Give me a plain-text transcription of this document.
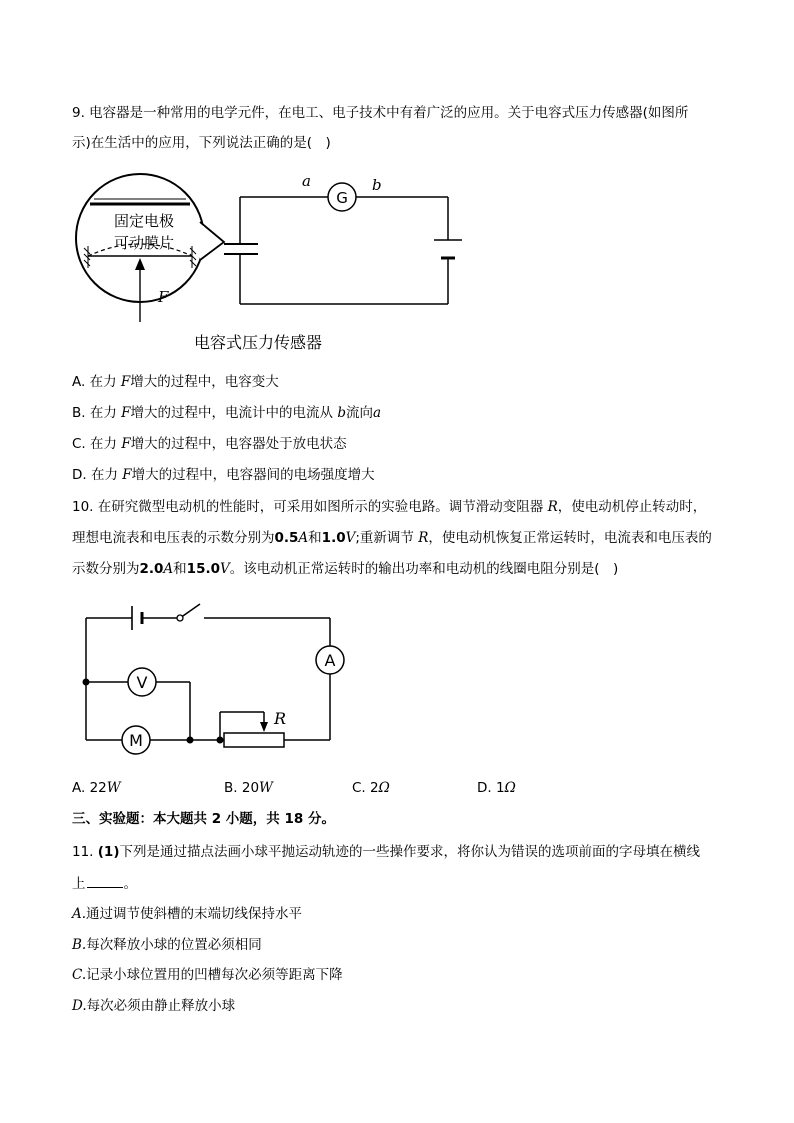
9. 电容器是一种常用的电学元件，在电工、电子技术中有着广泛的应用。关于电容式压力传感器(如图所
示)在生活中的应用，下列说法正确的是(　)
固定电极
可动膜片
F
G
a	b
电容式压力传感器
A. 在力 F增大的过程中，电容变大
B. 在力 F增大的过程中，电流计中的电流从 b流向a
C. 在力 F增大的过程中，电容器处于放电状态
D. 在力 F增大的过程中，电容器间的电场强度增大
10. 在研究微型电动机的性能时，可采用如图所示的实验电路。调节滑动变阻器 R，使电动机停止转动时，
理想电流表和电压表的示数分别为0.5A和1.0V;重新调节 R，使电动机恢复正常运转时，电流表和电压表的
示数分别为2.0A和15.0V。该电动机正常运转时的输出功率和电动机的线圈电阻分别是(　)
A
V
M
R
A. 22W	B. 20W	C. 2Ω	D. 1Ω
三、实验题：本大题共 2 小题，共 18 分。
11. (1)下列是通过描点法画小球平抛运动轨迹的一些操作要求，将你认为错误的选项前面的字母填在横线
上	。
A.通过调节使斜槽的末端切线保持水平
B.每次释放小球的位置必须相同
C.记录小球位置用的凹槽每次必须等距离下降
D.每次必须由静止释放小球
